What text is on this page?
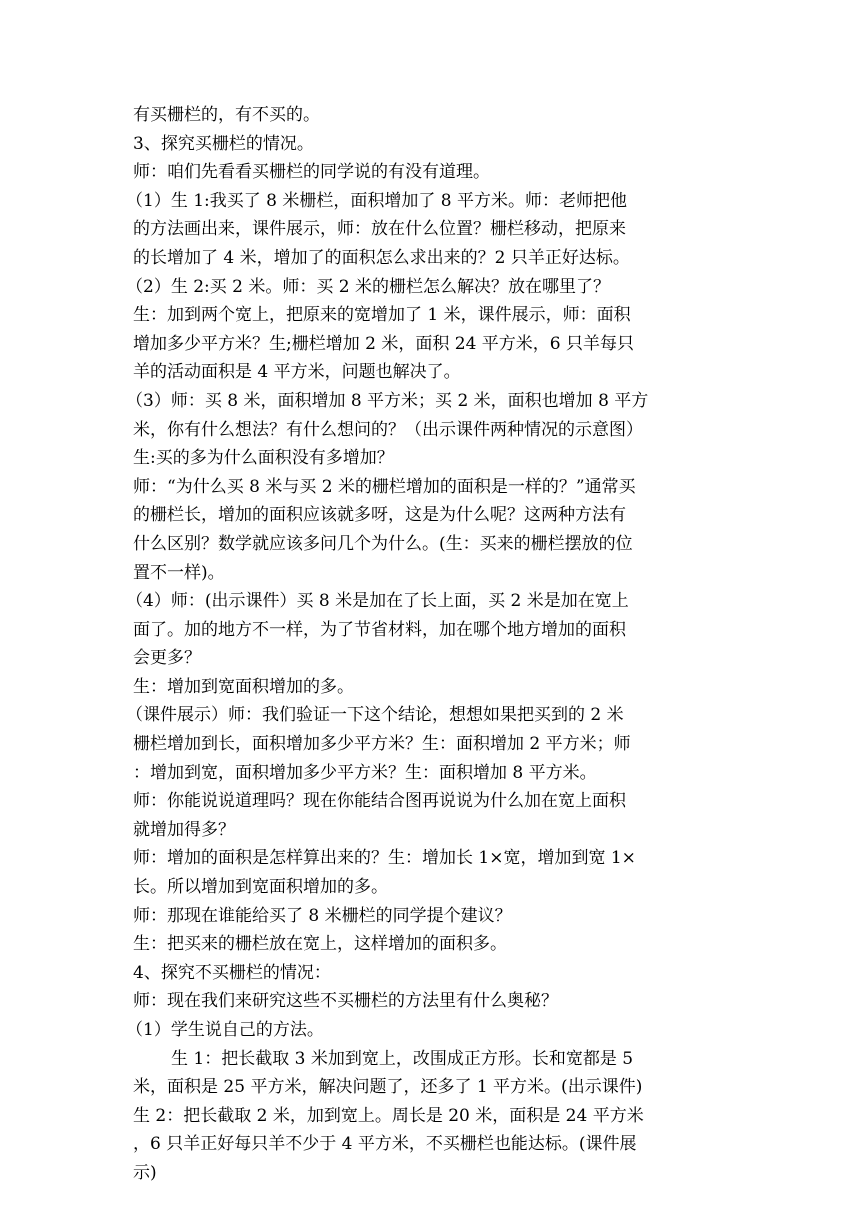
有买栅栏的，有不买的。
3、探究买栅栏的情况。
师：咱们先看看买栅栏的同学说的有没有道理。
（1）生 1:我买了 8 米栅栏，面积增加了 8 平方米。师：老师把他
的方法画出来，课件展示，师：放在什么位置？栅栏移动，把原来
的长增加了 4 米，增加了的面积怎么求出来的？2 只羊正好达标。
（2）生 2:买 2 米。师：买 2 米的栅栏怎么解决？放在哪里了？
生：加到两个宽上，把原来的宽增加了 1 米，课件展示，师：面积
增加多少平方米？生;栅栏增加 2 米，面积 24 平方米，6 只羊每只
羊的活动面积是 4 平方米，问题也解决了。
（3）师：买 8 米，面积增加 8 平方米；买 2 米，面积也增加 8 平方
米，你有什么想法？有什么想问的？（出示课件两种情况的示意图）
生:买的多为什么面积没有多增加？
师：“为什么买 8 米与买 2 米的栅栏增加的面积是一样的？”通常买
的栅栏长，增加的面积应该就多呀，这是为什么呢？这两种方法有
什么区别？数学就应该多问几个为什么。(生：买来的栅栏摆放的位
置不一样)。
（4）师：(出示课件）买 8 米是加在了长上面，买 2 米是加在宽上
面了。加的地方不一样，为了节省材料，加在哪个地方增加的面积
会更多？
生：增加到宽面积增加的多。
（课件展示）师：我们验证一下这个结论，想想如果把买到的 2 米
栅栏增加到长，面积增加多少平方米？生：面积增加 2 平方米；师
：增加到宽，面积增加多少平方米？生：面积增加 8 平方米。
师：你能说说道理吗？现在你能结合图再说说为什么加在宽上面积
就增加得多？
师：增加的面积是怎样算出来的？生：增加长 1×宽，增加到宽 1×
长。所以增加到宽面积增加的多。
师：那现在谁能给买了 8 米栅栏的同学提个建议？
生：把买来的栅栏放在宽上，这样增加的面积多。
4、探究不买栅栏的情况：
师：现在我们来研究这些不买栅栏的方法里有什么奥秘？
（1）学生说自己的方法。
生 1：把长截取 3 米加到宽上，改围成正方形。长和宽都是 5
米，面积是 25 平方米，解决问题了，还多了 1 平方米。(出示课件)
生 2：把长截取 2 米，加到宽上。周长是 20 米，面积是 24 平方米
，6 只羊正好每只羊不少于 4 平方米，不买栅栏也能达标。(课件展
示)
